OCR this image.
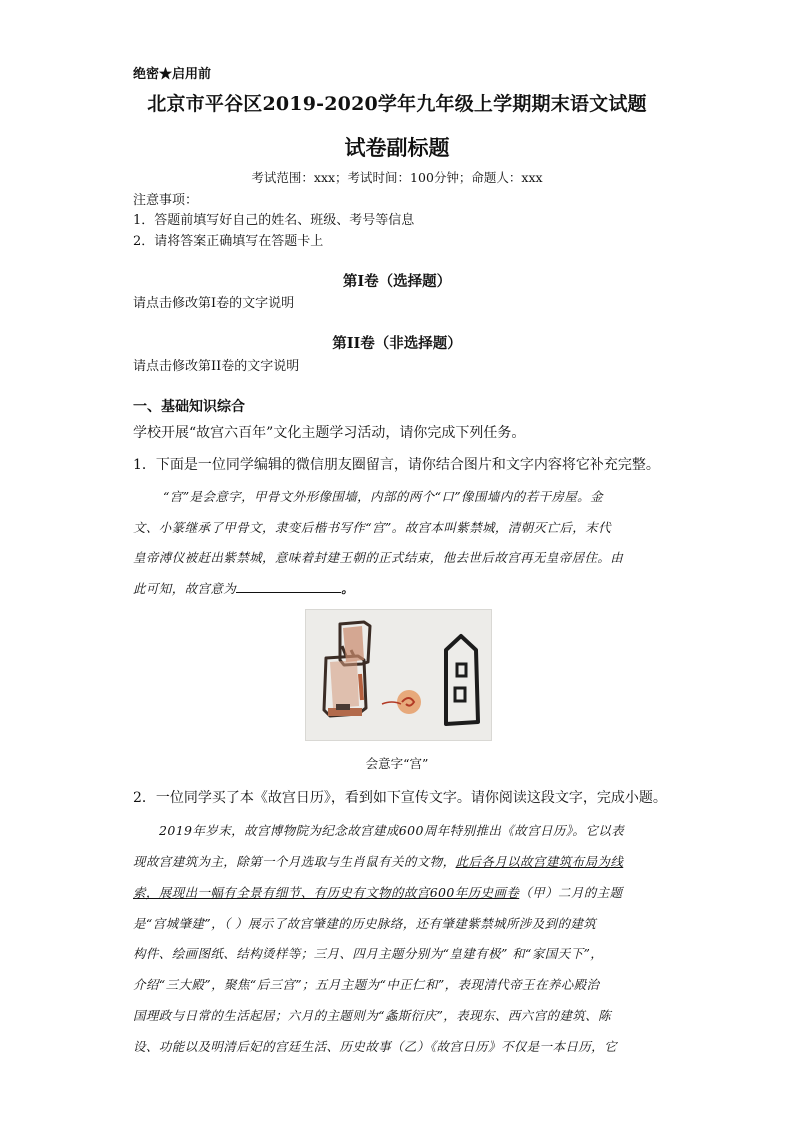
绝密★启用前
北京市平谷区2019-2020学年九年级上学期期末语文试题
试卷副标题
考试范围：xxx；考试时间：100分钟；命题人：xxx
注意事项：
1．答题前填写好自己的姓名、班级、考号等信息
2．请将答案正确填写在答题卡上
第I卷（选择题）
请点击修改第I卷的文字说明
第II卷（非选择题）
请点击修改第II卷的文字说明
一、基础知识综合
学校开展“故宫六百年”文化主题学习活动，请你完成下列任务。
1．下面是一位同学编辑的微信朋友圈留言，请你结合图片和文字内容将它补充完整。
“宫”是会意字，甲骨文外形像围墙，内部的两个“口”像围墙内的若干房屋。金
文、小篆继承了甲骨文，隶变后楷书写作“宫”。故宫本叫紫禁城，清朝灭亡后，末代
皇帝溥仪被赶出紫禁城，意味着封建王朝的正式结束，他去世后故宫再无皇帝居住。由
此可知，故宫意为	。
会意字“宫”
2．一位同学买了本《故宫日历》，看到如下宣传文字。请你阅读这段文字，完成小题。
2019年岁末，故宫博物院为纪念故宫建成600周年特别推出《故宫日历》。它以表
现故宫建筑为主，除第一个月选取与生肖鼠有关的文物，此后各月以故宫建筑布局为线
索，展现出一幅有全景有细节、有历史有文物的故宫600年历史画卷（甲）二月的主题
是“宫城肇建”，（ ）展示了故宫肇建的历史脉络，还有肇建紫禁城所涉及到的建筑
构件、绘画图纸、结构烫样等；三月、四月主题分别为“皇建有极” 和“家国天下”，
介绍“三大殿”，聚焦“后三宫”；五月主题为“中正仁和”，表现清代帝王在养心殿治
国理政与日常的生活起居；六月的主题则为“螽斯衍庆”，表现东、西六宫的建筑、陈
设、功能以及明清后妃的宫廷生活、历史故事（乙）《故宫日历》不仅是一本日历，它
